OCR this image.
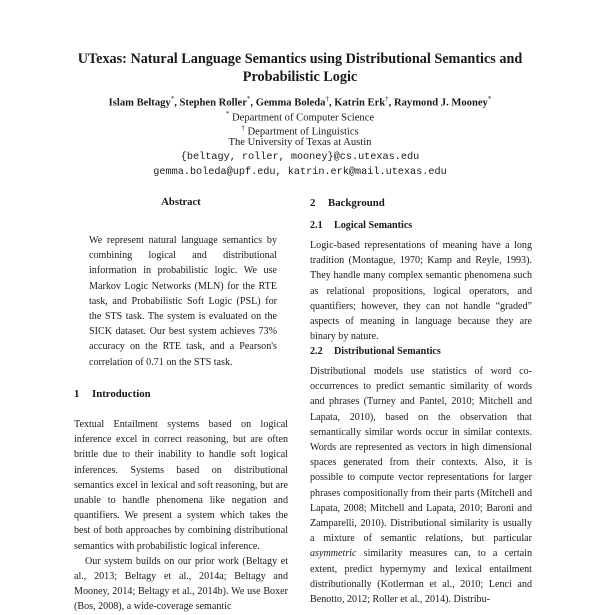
UTexas: Natural Language Semantics using Distributional Semantics and
Probabilistic Logic
Islam Beltagy*, Stephen Roller*, Gemma Boleda†, Katrin Erk†, Raymond J. Mooney*
* Department of Computer Science
† Department of Linguistics
The University of Texas at Austin
{beltagy, roller, mooney}@cs.utexas.edu
gemma.boleda@upf.edu, katrin.erk@mail.utexas.edu
Abstract
We represent natural language semantics by combining logical and distributional information in probabilistic logic. We use Markov Logic Networks (MLN) for the RTE task, and Probabilistic Soft Logic (PSL) for the STS task. The system is evaluated on the SICK dataset. Our best system achieves 73% accuracy on the RTE task, and a Pearson's correlation of 0.71 on the STS task.
1 Introduction

Textual Entailment systems based on logical inference excel in correct reasoning, but are often brittle due to their inability to handle soft logical inferences. Systems based on distributional semantics excel in lexical and soft reasoning, but are unable to handle phenomena like negation and quantifiers. We present a system which takes the best of both approaches by combining distributional semantics with probabilistic logical inference.

Our system builds on our prior work (Beltagy et al., 2013; Beltagy et al., 2014a; Beltagy and Mooney, 2014; Beltagy et al., 2014b). We use Boxer (Bos, 2008), a wide-coverage semantic

2 Background
2.1 Logical Semantics
Logic-based representations of meaning have a long tradition (Montague, 1970; Kamp and Reyle, 1993). They handle many complex semantic phenomena such as relational propositions, logical operators, and quantifiers; however, they can not handle “graded” aspects of meaning in language because they are binary by nature.
2.2 Distributional Semantics
Distributional models use statistics of word co-occurrences to predict semantic similarity of words and phrases (Turney and Pantel, 2010; Mitchell and Lapata, 2010), based on the observation that semantically similar words occur in similar contexts. Words are represented as vectors in high dimensional spaces generated from their contexts. Also, it is possible to compute vector representations for larger phrases compositionally from their parts (Mitchell and Lapata, 2008; Mitchell and Lapata, 2010; Baroni and Zamparelli, 2010). Distributional similarity is usually a mixture of semantic relations, but particular asymmetric similarity measures can, to a certain extent, predict hypernymy and lexical entailment distributionally (Kotlerman et al., 2010; Lenci and Benotto, 2012; Roller et al., 2014). Distribu-
